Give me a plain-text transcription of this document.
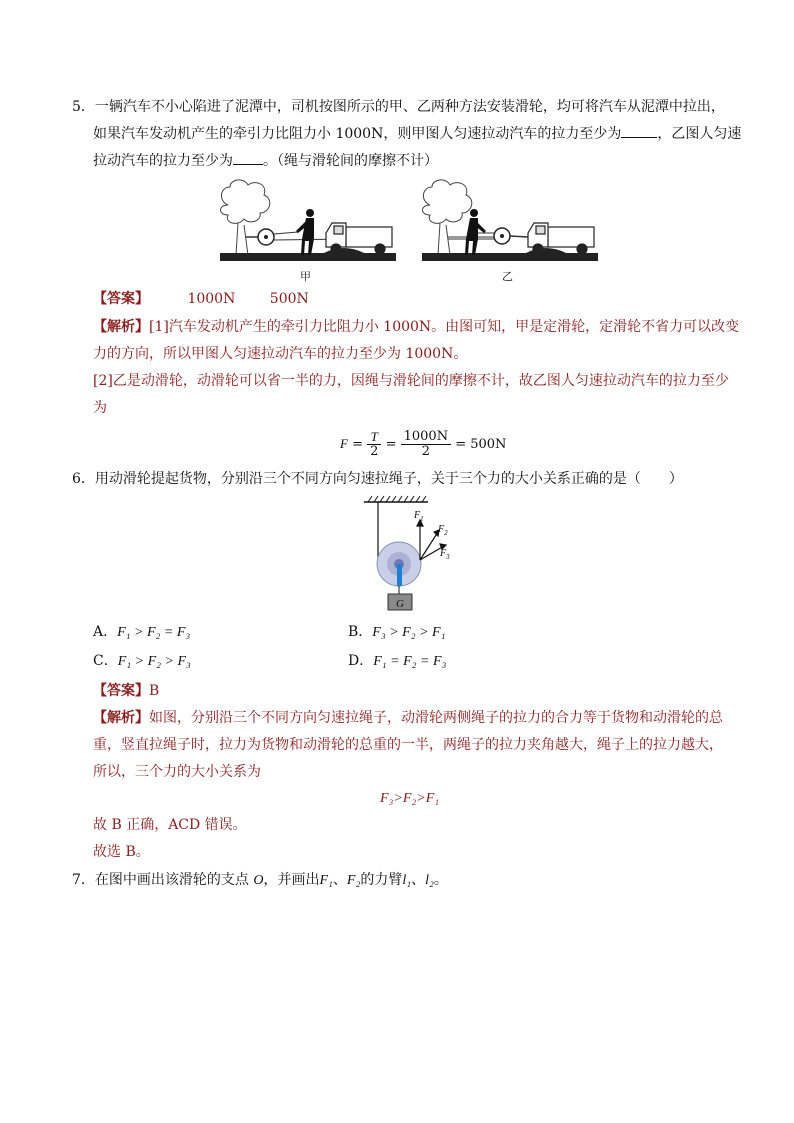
5．一辆汽车不小心陷进了泥潭中，司机按图所示的甲、乙两种方法安装滑轮，均可将汽车从泥潭中拉出，
如果汽车发动机产生的牵引力比阻力小 1000N，则甲图人匀速拉动汽车的拉力至少为	，乙图人匀速
拉动汽车的拉力至少为 。（绳与滑轮间的摩擦不计）
甲	乙
【答案】	1000N 500N
【解析】[1]汽车发动机产生的牵引力比阻力小 1000N。由图可知，甲是定滑轮，定滑轮不省力可以改变
力的方向，所以甲图人匀速拉动汽车的拉力至少为 1000N。
[2]乙是动滑轮，动滑轮可以省一半的力，因绳与滑轮间的摩擦不计，故乙图人匀速拉动汽车的拉力至少
为
$F = \frac{T}{2} = \frac{1000N}{2} = 500N$
6．用动滑轮提起货物，分别沿三个不同方向匀速拉绳子，关于三个力的大小关系正确的是（　　）
G
$F_1$
$F_2$
$F_3$
A．F₁ > F₂ = F₃	B．F₃ > F₂ > F₁
C．F₁ > F₂ > F₃	D．F₁ = F₂ = F₃
【答案】B
【解析】如图，分别沿三个不同方向匀速拉绳子，动滑轮两侧绳子的拉力的合力等于货物和动滑轮的总
重，竖直拉绳子时，拉力为货物和动滑轮的总重的一半，两绳子的拉力夹角越大，绳子上的拉力越大，
所以，三个力的大小关系为
F₃>F₂>F₁
故 B 正确，ACD 错误。
故选 B。
7．在图中画出该滑轮的支点 O，并画出F₁、F₂的力臂l₁、l₂。
